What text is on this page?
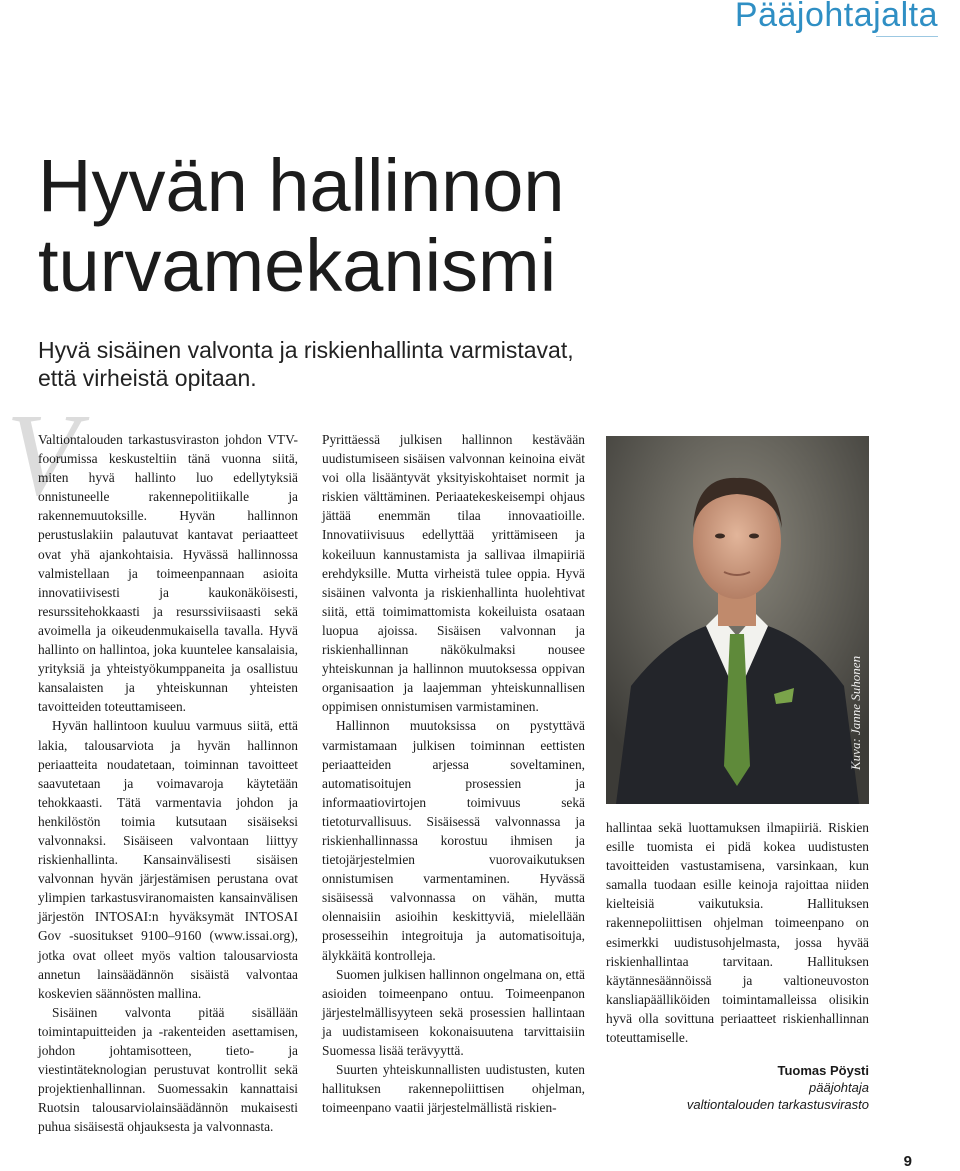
Pääjohtajalta
Hyvän hallinnon
turvamekanismi

Hyvä sisäinen valvonta ja riskienhallinta varmistavat, että virheistä opitaan.

V

Valtiontalouden tarkastusviraston johdon VTV-foorumissa keskusteltiin tänä vuonna siitä, miten hyvä hallinto luo edellytyksiä onnistuneelle rakennepolitiikalle ja rakennemuutoksille. Hyvän hallinnon perustuslakiin palautuvat kantavat periaatteet ovat yhä ajankohtaisia. Hyvässä hallinnossa valmistellaan ja toimeenpannaan asioita innovatiivisesti ja kaukonäköisesti, resurssitehokkaasti ja resurssiviisaasti sekä avoimella ja oikeudenmukaisella tavalla. Hyvä hallinto on hallintoa, joka kuuntelee kansalaisia, yrityksiä ja yhteistyökumppaneita ja osallistuu kansalaisten ja yhteiskunnan yhteisten tavoitteiden toteuttamiseen.

Hyvän hallintoon kuuluu varmuus siitä, että lakia, talousarviota ja hyvän hallinnon periaatteita noudatetaan, toiminnan tavoitteet saavutetaan ja voimavaroja käytetään tehokkaasti. Tätä varmentavia johdon ja henkilöstön toimia kutsutaan sisäiseksi valvonnaksi. Sisäiseen valvontaan liittyy riskienhallinta. Kansainvälisesti sisäisen valvonnan hyvän järjestämisen perustana ovat ylimpien tarkastusviranomaisten kansainvälisen järjestön INTOSAI:n hyväksymät INTOSAI Gov -suositukset 9100–9160 (www.issai.org), jotka ovat olleet myös valtion talousarviosta annetun lainsäädännön sisäistä valvontaa koskevien säännösten mallina.

Sisäinen valvonta pitää sisällään toimintapuitteiden ja -rakenteiden asettamisen, johdon johtamisotteen, tieto- ja viestintäteknologian perustuvat kontrollit sekä projektienhallinnan. Suomessakin kannattaisi Ruotsin talousarviolainsäädännön mukaisesti puhua sisäisestä ohjauksesta ja valvonnasta.

Pyrittäessä julkisen hallinnon kestävään uudistumiseen sisäisen valvonnan keinoina eivät voi olla lisääntyvät yksityiskohtaiset normit ja riskien välttäminen. Periaatekeskeisempi ohjaus jättää enemmän tilaa innovaatioille. Innovatiivisuus edellyttää yrittämiseen ja kokeiluun kannustamista ja sallivaa ilmapiiriä erehdyksille. Mutta virheistä tulee oppia. Hyvä sisäinen valvonta ja riskienhallinta huolehtivat siitä, että toimimattomista kokeiluista osataan luopua ajoissa. Sisäisen valvonnan ja riskienhallinnan näkökulmaksi nousee yhteiskunnan ja hallinnon muutoksessa oppivan organisaation ja laajemman yhteiskunnallisen oppimisen onnistumisen varmistaminen.

Hallinnon muutoksissa on pystyttävä varmistamaan julkisen toiminnan eettisten periaatteiden arjessa soveltaminen, automatisoitujen prosessien ja informaatiovirtojen toimivuus sekä tietoturvallisuus. Sisäisessä valvonnassa ja riskienhallinnassa korostuu ihmisen ja tietojärjestelmien vuorovaikutuksen onnistumisen varmentaminen. Hyvässä sisäisessä valvonnassa on vähän, mutta olennaisiin asioihin keskittyviä, mielellään prosesseihin integroituja ja automatisoituja, älykkäitä kontrolleja.

Suomen julkisen hallinnon ongelmana on, että asioiden toimeenpano ontuu. Toimeenpanon järjestelmällisyyteen sekä prosessien hallintaan ja uudistamiseen kokonaisuutena tarvittaisiin Suomessa lisää terävyyttä.

Suurten yhteiskunnallisten uudistusten, kuten hallituksen rakennepoliittisen ohjelman, toimeenpano vaatii järjestelmällistä riskien-

Kuva: Janne Suhonen

hallintaa sekä luottamuksen ilmapiiriä. Riskien esille tuomista ei pidä kokea uudistusten tavoitteiden vastustamisena, varsinkaan, kun samalla tuodaan esille keinoja rajoittaa niiden kielteisiä vaikutuksia. Hallituksen rakennepoliittisen ohjelman toimeenpano on esimerkki uudistusohjelmasta, jossa hyvää riskienhallintaa tarvitaan. Hallituksen käytännesäännöissä ja valtioneuvoston kansliapäälliköiden toimintamalleissa olisikin hyvä olla sovittuna periaatteet riskienhallinnan toteuttamiselle.

Tuomas Pöysti
pääjohtaja
valtiontalouden tarkastusvirasto
9
